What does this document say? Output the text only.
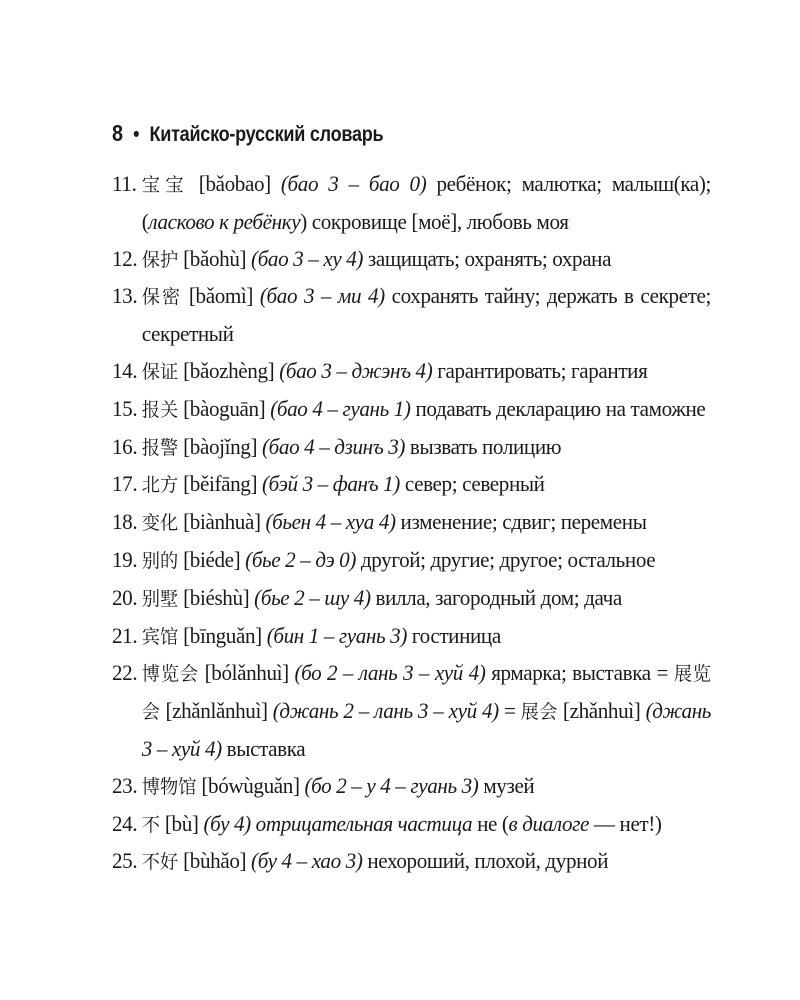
8 • Китайско-русский словарь
11. 宝宝 [bǎobao] (бао 3 – бао 0) ребёнок; малютка; малыш(ка); (ласково к ребёнку) сокровище [моё], любовь моя
12. 保护 [bǎohù] (бао 3 – ху 4) защищать; охранять; охрана
13. 保密 [bǎomì] (бао 3 – ми 4) сохранять тайну; держать в секрете; секретный
14. 保证 [bǎozhèng] (бао 3 – джэнъ 4) гарантировать; гарантия
15. 报关 [bàoguān] (бао 4 – гуань 1) подавать декларацию на таможне
16. 报警 [bàojǐng] (бао 4 – дзинъ 3) вызвать полицию
17. 北方 [běifāng] (бэй 3 – фанъ 1) север; северный
18. 变化 [biànhuà] (бьен 4 – хуа 4) изменение; сдвиг; перемены
19. 别的 [biéde] (бье 2 – дэ 0) другой; другие; другое; остальное
20. 别墅 [biéshù] (бье 2 – шу 4) вилла, загородный дом; дача
21. 宾馆 [bīnguǎn] (бин 1 – гуань 3) гостиница
22. 博览会 [bólǎnhuì] (бо 2 – лань 3 – хуй 4) ярмарка; выставка = 展览会 [zhǎnlǎnhuì] (джань 2 – лань 3 – хуй 4) = 展会 [zhǎnhuì] (джань 3 – хуй 4) выставка
23. 博物馆 [bówùguǎn] (бо 2 – у 4 – гуань 3) музей
24. 不 [bù] (бу 4) отрицательная частица не (в диалоге — нет!)
25. 不好 [bùhǎo] (бу 4 – хао 3) нехороший, плохой, дурной
